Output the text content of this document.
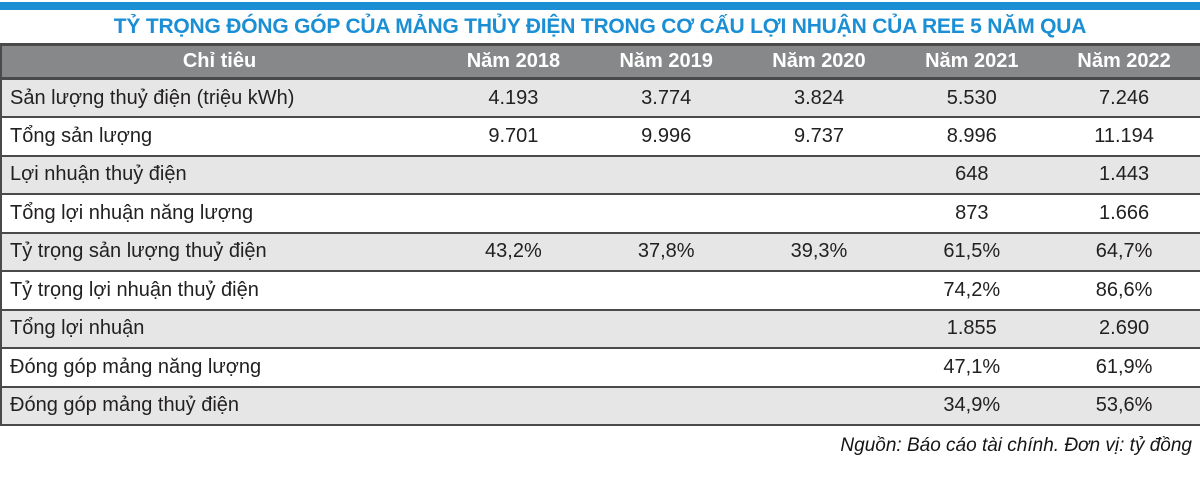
TỶ TRỌNG ĐÓNG GÓP CỦA MẢNG THỦY ĐIỆN TRONG CƠ CẤU LỢI NHUẬN CỦA REE 5 NĂM QUA
Chỉ tiêu	Năm 2018	Năm 2019	Năm 2020	Năm 2021	Năm 2022
Sản lượng thuỷ điện (triệu kWh)	4.193	3.774	3.824	5.530	7.246
Tổng sản lượng	9.701	9.996	9.737	8.996	11.194
Lợi nhuận thuỷ điện				648	1.443
Tổng lợi nhuận năng lượng				873	1.666
Tỷ trọng sản lượng thuỷ điện	43,2%	37,8%	39,3%	61,5%	64,7%
Tỷ trọng lợi nhuận thuỷ điện				74,2%	86,6%
Tổng lợi nhuận				1.855	2.690
Đóng góp mảng năng lượng				47,1%	61,9%
Đóng góp mảng thuỷ điện				34,9%	53,6%
Nguồn: Báo cáo tài chính. Đơn vị: tỷ đồng
